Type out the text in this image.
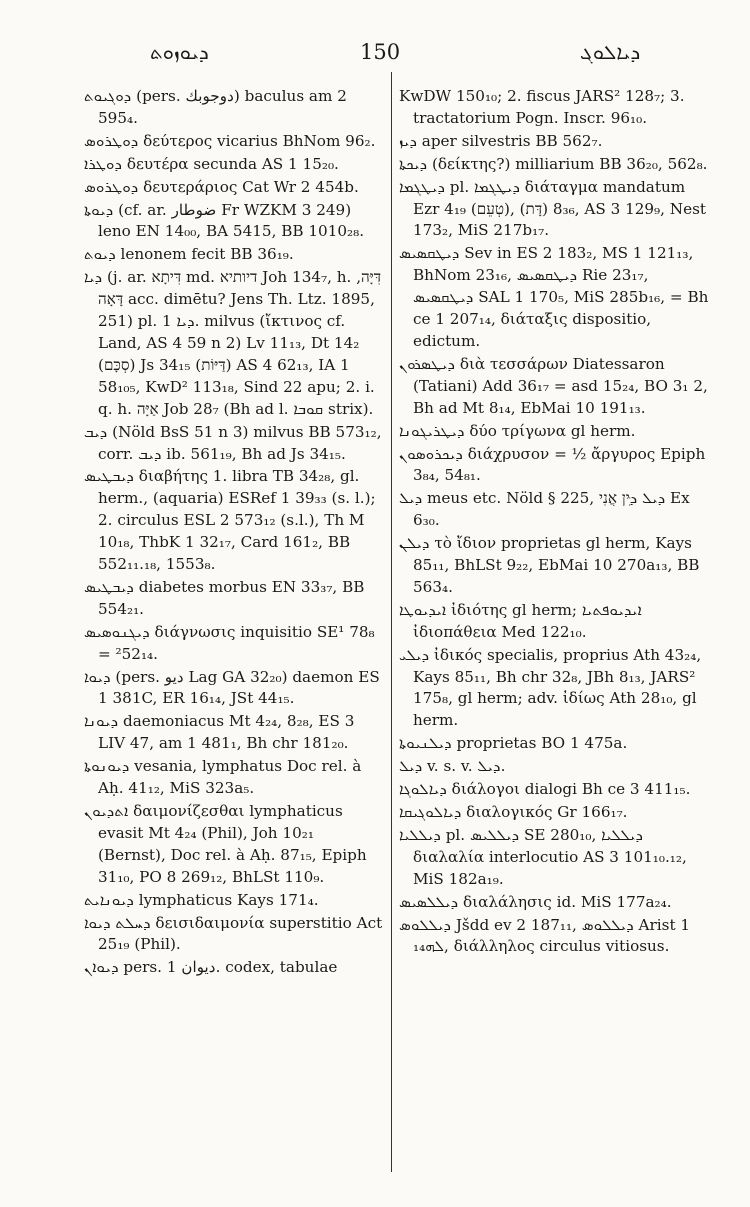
ܕܝܘܙܘܬ	150	ܕܝܐܠܘܓ
ܕܘܓܝܘܬ (pers. دوجوبك) baculus am 2 595₄.
ܕܘܛܪܘܣ δεύτερος vicarius BhNom 96₂.
ܕܘܛܪܐ δευτέρα secunda AS 1 15₂₀.
ܕܘܛܪܘܣ δευτεράριος Cat Wr 2 454b.
ܕܝܘܬܐ (cf. ar. ضوطار Fr WZKM 3 249) leno EN 14₀₀, BA 5415, BB 1010₂₈.
ܕܝܘܬ lenonem fecit BB 36₁₉.
ܕܝܐ (j. ar. דִּיתָא md. דיותיא Joh 134₇, h. דִּיָּה, דָּאָה acc. dimētu? Jens Th. Ltz. 1895, 251) pl. ܕܝܐ 1. milvus (ἴκτινος cf. Land, AS 4 59 n 2) Lv 11₁₃, Dt 14₂ (סְכָּם) Js 34₁₅ (דַּיּוֹת) AS 4 62₁₃, IA 1 58₁₀₅, KwD² 113₁₈, Sind 22 apu; 2. i. q. h. אַיָּה Job 28₇ (Bh ad l. ܩܘܒܐ strix).
ܕܝܒ (Nöld BsS 51 n 3) milvus BB 573₁₂, corr. ܕܝܒ ib. 561₁₉, Bh ad Js 34₁₅.
ܕܝܒܛܝܣ διαβήτης 1. libra TB 34₂₈, gl. herm., (aquaria) ESRef 1 39₃₃ (s. l.); 2. circulus ESL 2 573₁₂ (s.l.), Th M 10₁₈, ThbK 1 32₁₇, Card 161₂, BB 552₁₁.₁₈, 1553₈.
ܕܝܒܛܝܣ diabetes morbus EN 33₃₇, BB 554₂₁.
ܕܝܓܢܘܣܝܣ διάγνωσις inquisitio SE¹ 78₈ = ²52₁₄.
ܕܝܘܐ (pers. ديو Lag GA 32₂₀) daemon ES 1 381C, ER 16₁₄, JSt 44₁₅.
ܕܝܘܢܐ daemoniacus Mt 4₂₄, 8₂₈, ES 3 LIV 47, am 1 481₁, Bh chr 181₂₀.
ܕܝܘܢܘܬܐ vesania, lymphatus Doc rel. à Aḥ. 41₁₂, MiS 323a₅.
ܐܬܕܝܘܢ δαιμονίζεσθαι lymphaticus evasit Mt 4₂₄ (Phil), Joh 10₂₁ (Bernst), Doc rel. à Aḥ. 87₁₅, Epiph 31₁₀, PO 8 269₁₂, BhLSt 110₉.
ܕܝܘܢܐܝܬ lymphaticus Kays 171₄.
ܕܚܠܬ ܕܝܘܐ δεισιδαιμονία superstitio Act 25₁₉ (Phil).
ܕܝܘܐܢ pers. ديوان 1. codex, tabulae
KwDW 150₁₀; 2. fiscus JARS² 128₇; 3. tractatorium Pogn. Inscr. 96₁₀.
ܕܝܙ aper silvestris BB 562₇.
ܕܝܟܬܐ (δείκτης?) milliarium BB 36₂₀, 562₈.
ܕܝܛܓܡܐ pl. ܕܝܛܓܡܐ διάταγμα mandatum Ezr 4₁₉ (טְעֵם), 8₃₆ (דָּת), AS 3 129₉, Nest 173₂, MiS 217b₁₇.
ܕܝܛܩܣܝܣ Sev in ES 2 183₂, MS 1 121₁₃, BhNom 23₁₆, ܕܝܛܩܣܝܣ Rie 23₁₇, ܕܝܛܩܣܝܣ SAL 1 170₅, MiS 285b₁₆, = Bh ce 1 207₁₄, διάταξις dispositio, edictum.
ܕܝܛܣܪܘܢ διὰ τεσσάρων Diatessaron (Tatiani) Add 36₁₇ = asd 15₂₄, BO 3₁ 2, Bh ad Mt 8₁₄, EbMai 10 191₁₃.
ܕܝܛܪܝܓܘܢܐ δύο τρίγωνα gl herm.
ܕܝܟܪܘܣܘܢ διάχρυσον = ½ ἄργυρος Epiph 3₈₄, 54₈₁.
ܕܝܠ meus etc. Nöld § 225, ܕܝܠ ܕִּין אֲנִי Ex 6₃₀.
ܕܝܠܢ τὸ ἴδιον proprietas gl herm, Kays 85₁₁, BhLSt 9₂₂, EbMai 10 270a₁₃, BB 563₄.
ܐܝܕܝܘܛܐ ἰδιότης gl herm; ܐܝܕܝܘܦܬܝܐ ἰδιοπάθεια Med 122₁₀.
ܕܝܠܝ ἰδικός specialis, proprius Ath 43₂₄, Kays 85₁₁, Bh chr 32₈, JBh 8₁₃, JARS² 175₈, gl herm; adv. ἰδίως Ath 28₁₀, gl herm.
ܕܝܠܢܝܘܬܐ proprietas BO 1 475a.
ܕܝܠ v. s. v. ܕܝܠ.
ܕܝܐܠܘܓܐ διάλογοι dialogi Bh ce 3 411₁₅.
ܕܝܐܠܘܓܝܩܐ διαλογικός Gr 166₁₇.
ܕܝܠܠܝܐ pl. ܕܝܠܠܝܣ SE 280₁₀, ܕܝܠܠܝܐ διαλαλία interlocutio AS 3 101₁₀.₁₂, MiS 182a₁₉.
ܕܝܠܠܣܝܣ διαλάλησις id. MiS 177a₂₄.
ܕܝܠܠܘܣ Jšdd ev 2 187₁₁, ܕܝܠܠܘܣ Arist 1 ܠܗ₁₄, διάλληλος circulus vitiosus.
